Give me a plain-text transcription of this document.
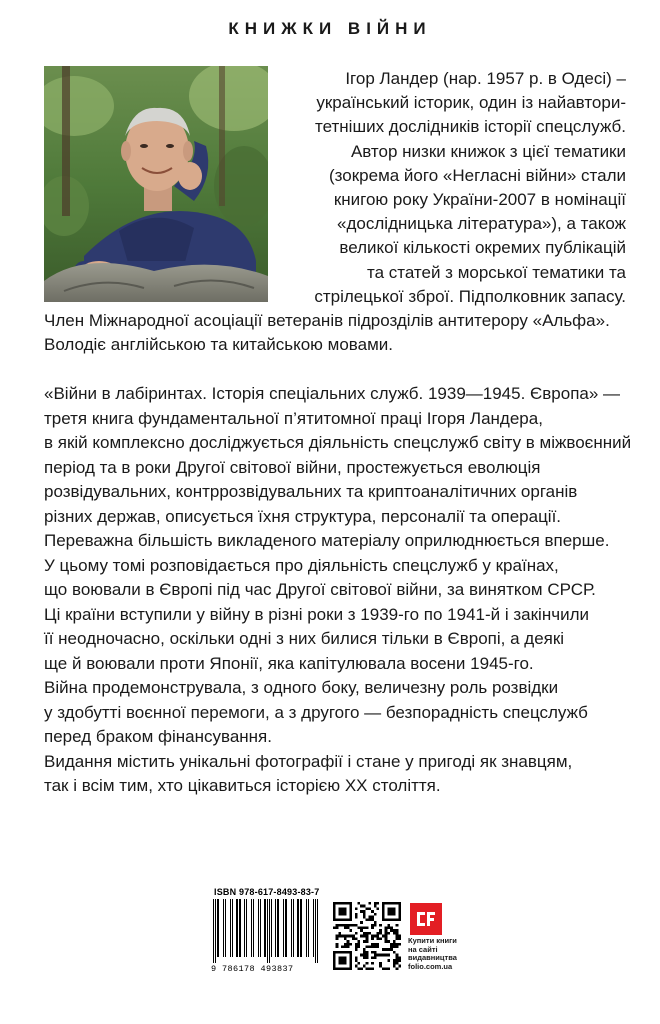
КНИЖКИ ВІЙНИ
Ігор Ландер (нар. 1957 р. в Одесі) –
український історик, один із найавтори-
тетніших дослідників історії спецслужб.
Автор низки книжок з цієї тематики
(зокрема його «Негласні війни» стали
книгою року України-2007 в номінації
«дослідницька література»), а також
великої кількості окремих публікацій
та статей з морської тематики та
стрілецької зброї. Підполковник запасу.
Член Міжнародної асоціації ветеранів підрозділів антитерору «Альфа».
Володіє англійською та китайською мовами.
«Війни в лабіринтах. Історія спеціальних служб. 1939—1945. Європа» —
третя книга фундаментальної п’ятитомної праці Ігоря Ландера,
в якій комплексно досліджується діяльність спецслужб світу в міжвоєнний
період та в роки Другої світової війни, простежується еволюція
розвідувальних, контррозвідувальних та криптоаналітичних органів
різних держав, описується їхня структура, персоналії та операції.
Переважна більшість викладеного матеріалу оприлюднюється вперше.
У цьому томі розповідається про діяльність спецслужб у країнах,
що воювали в Європі під час Другої світової війни, за винятком СРСР.
Ці країни вступили у війну в різні роки з 1939-го по 1941-й і закінчили
її неодночасно, оскільки одні з них билися тільки в Європі, а деякі
ще й воювали проти Японії, яка капітулювала восени 1945-го.
Війна продемонструвала, з одного боку, величезну роль розвідки
у здобутті воєнної перемоги, а з другого — безпорадність спецслужб
перед браком фінансування.
Видання містить унікальні фотографії і стане у пригоді як знавцям,
так і всім тим, хто цікавиться історією ХХ століття.
ISBN 978-617-8493-83-7
9 786178 493837
Купити книги
на сайті
видавництва
folio.com.ua
